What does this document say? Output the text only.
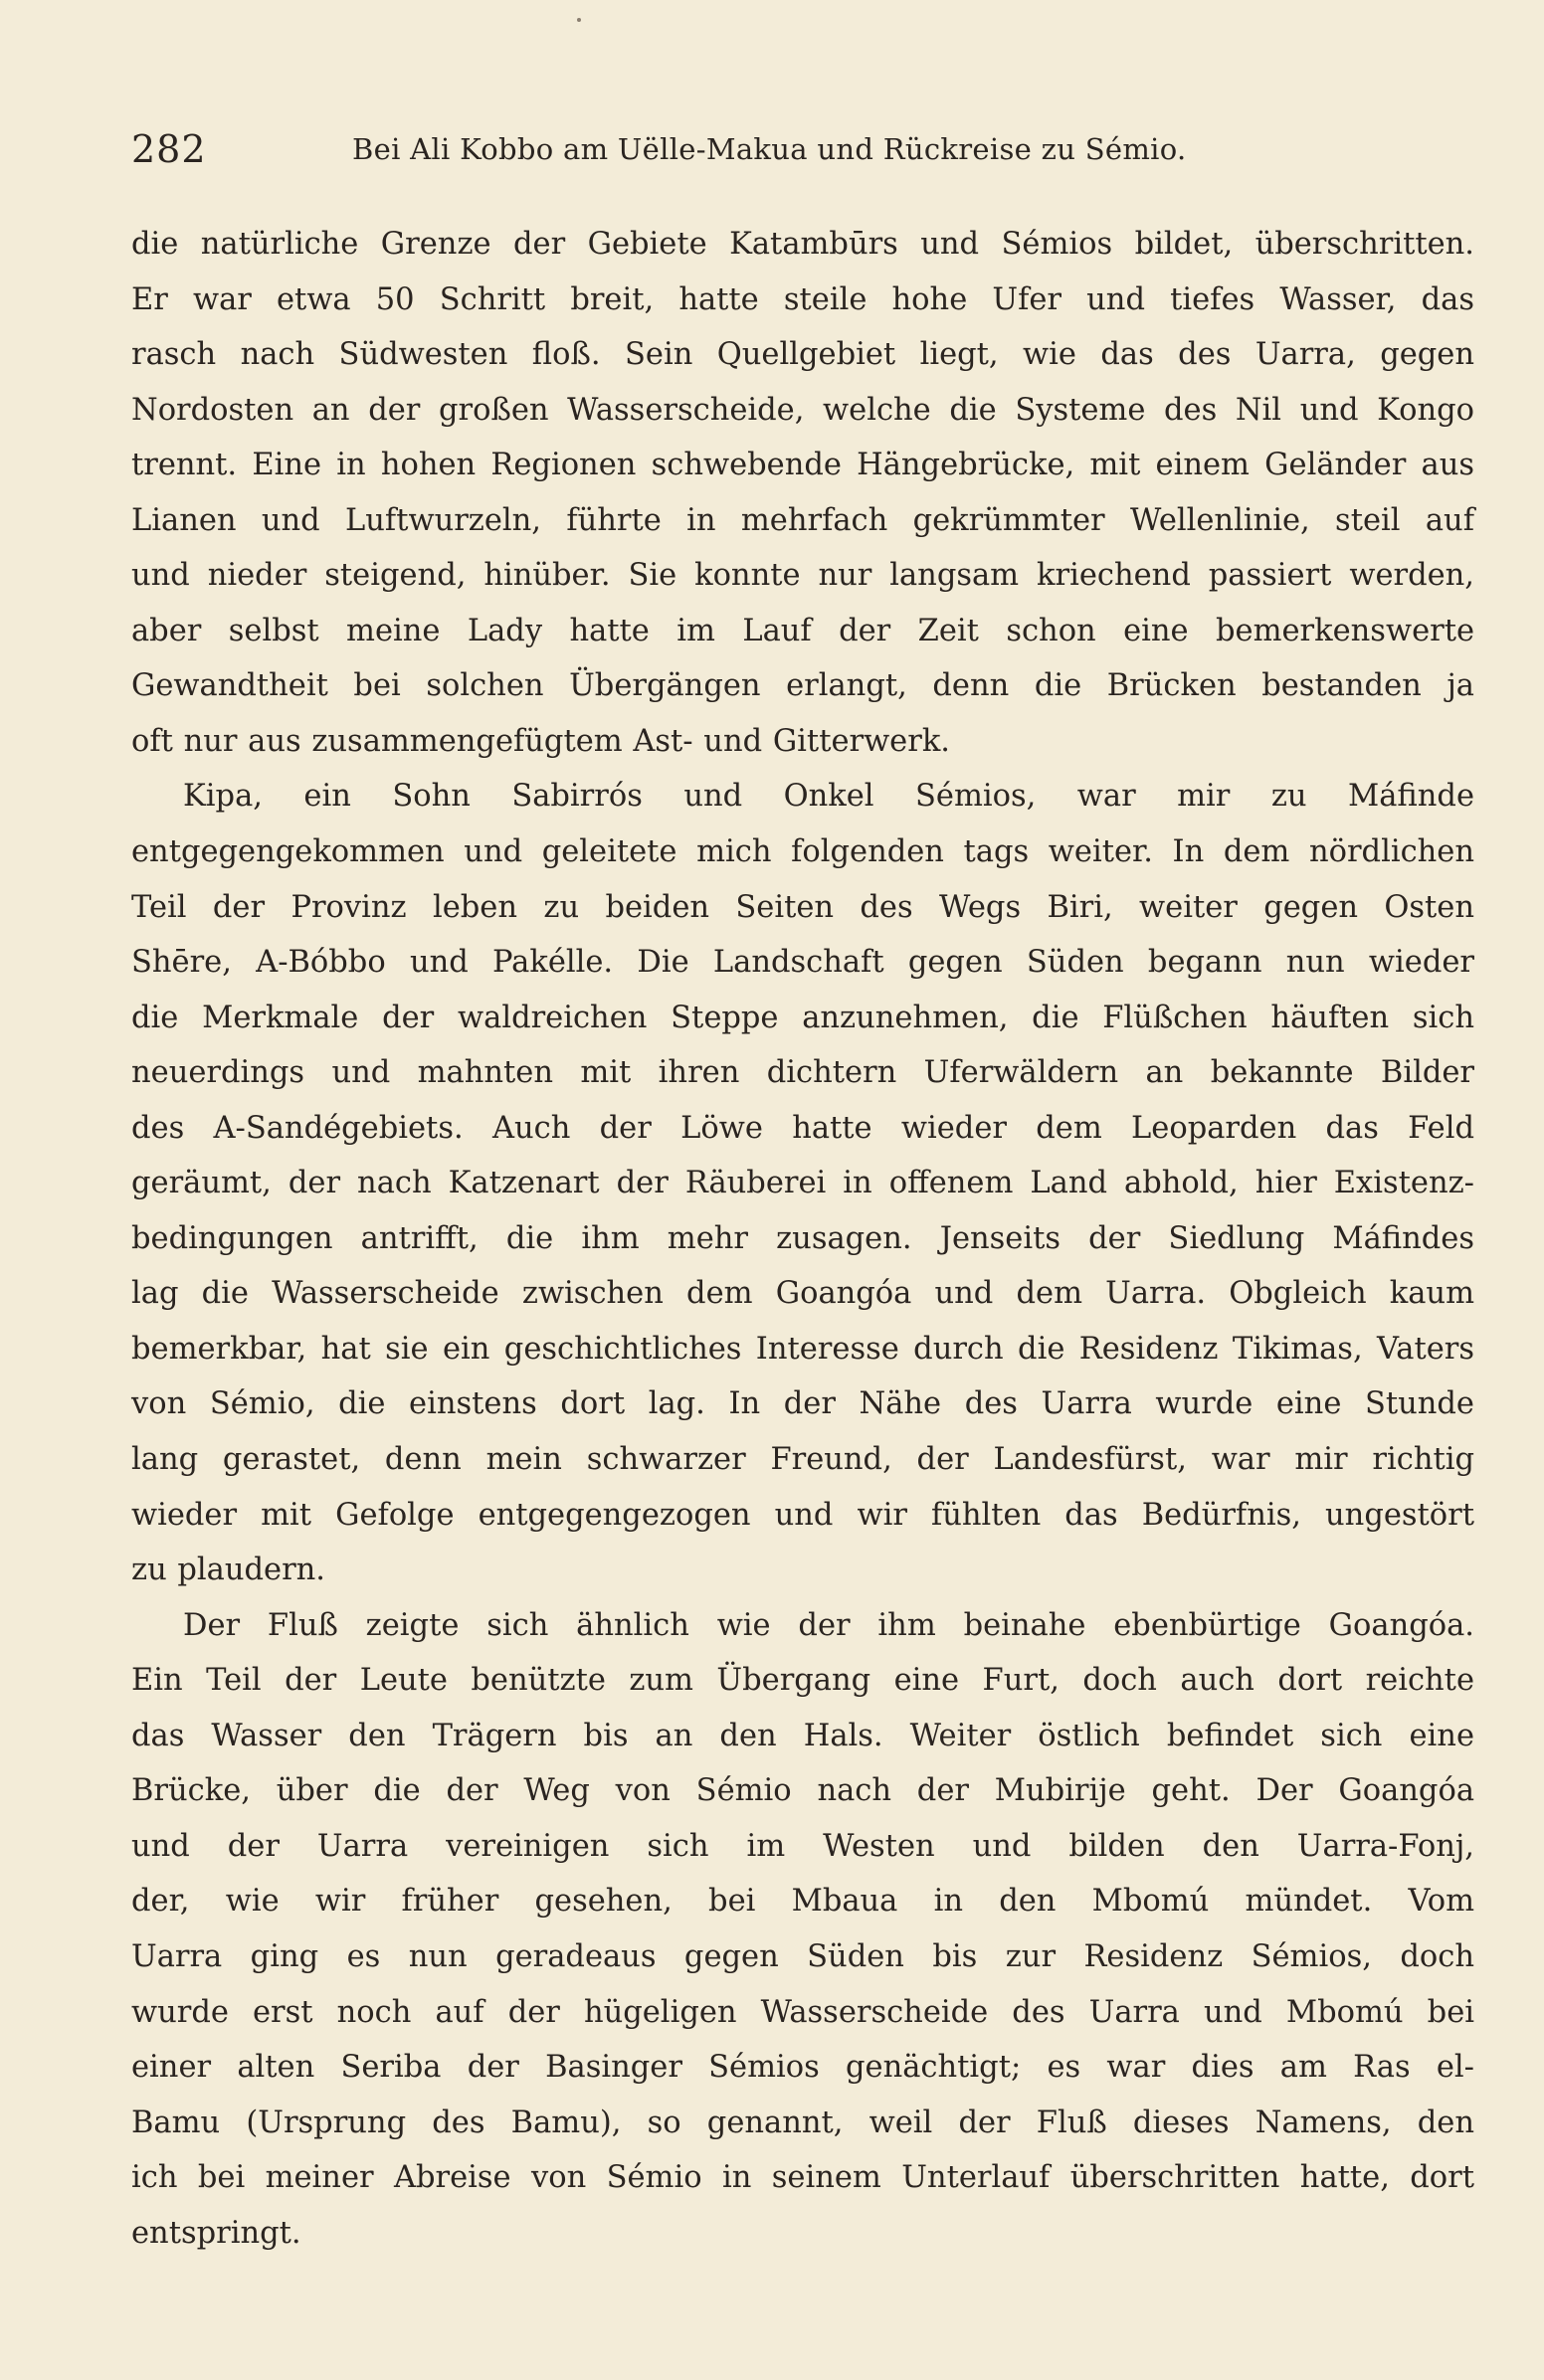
282	Bei Ali Kobbo am Uëlle-Makua und Rückreise zu Sémio.
die natürliche Grenze der Gebiete Katambūrs und Sémios bildet, überschritten.
Er war etwa 50 Schritt breit, hatte steile hohe Ufer und tiefes Wasser, das
rasch nach Südwesten floß. Sein Quellgebiet liegt, wie das des Uarra, gegen
Nordosten an der großen Wasserscheide, welche die Systeme des Nil und Kongo
trennt. Eine in hohen Regionen schwebende Hängebrücke, mit einem Geländer aus
Lianen und Luftwurzeln, führte in mehrfach gekrümmter Wellenlinie, steil auf
und nieder steigend, hinüber. Sie konnte nur langsam kriechend passiert werden,
aber selbst meine Lady hatte im Lauf der Zeit schon eine bemerkenswerte
Gewandtheit bei solchen Übergängen erlangt, denn die Brücken bestanden ja
oft nur aus zusammengefügtem Ast- und Gitterwerk.
Kipa, ein Sohn Sabirrós und Onkel Sémios, war mir zu Máfinde
entgegengekommen und geleitete mich folgenden tags weiter. In dem nördlichen
Teil der Provinz leben zu beiden Seiten des Wegs Biri, weiter gegen Osten
Shēre, A-Bóbbo und Pakélle. Die Landschaft gegen Süden begann nun wieder
die Merkmale der waldreichen Steppe anzunehmen, die Flüßchen häuften sich
neuerdings und mahnten mit ihren dichtern Uferwäldern an bekannte Bilder
des A-Sandégebiets. Auch der Löwe hatte wieder dem Leoparden das Feld
geräumt, der nach Katzenart der Räuberei in offenem Land abhold, hier Existenz-
bedingungen antrifft, die ihm mehr zusagen. Jenseits der Siedlung Máfindes
lag die Wasserscheide zwischen dem Goangóa und dem Uarra. Obgleich kaum
bemerkbar, hat sie ein geschichtliches Interesse durch die Residenz Tikimas, Vaters
von Sémio, die einstens dort lag. In der Nähe des Uarra wurde eine Stunde
lang gerastet, denn mein schwarzer Freund, der Landesfürst, war mir richtig
wieder mit Gefolge entgegengezogen und wir fühlten das Bedürfnis, ungestört
zu plaudern.
Der Fluß zeigte sich ähnlich wie der ihm beinahe ebenbürtige Goangóa.
Ein Teil der Leute benützte zum Übergang eine Furt, doch auch dort reichte
das Wasser den Trägern bis an den Hals. Weiter östlich befindet sich eine
Brücke, über die der Weg von Sémio nach der Mubirije geht. Der Goangóa
und der Uarra vereinigen sich im Westen und bilden den Uarra-Fonj,
der, wie wir früher gesehen, bei Mbaua in den Mbomú mündet. Vom
Uarra ging es nun geradeaus gegen Süden bis zur Residenz Sémios, doch
wurde erst noch auf der hügeligen Wasserscheide des Uarra und Mbomú bei
einer alten Seriba der Basinger Sémios genächtigt; es war dies am Ras el-
Bamu (Ursprung des Bamu), so genannt, weil der Fluß dieses Namens, den
ich bei meiner Abreise von Sémio in seinem Unterlauf überschritten hatte, dort
entspringt.
